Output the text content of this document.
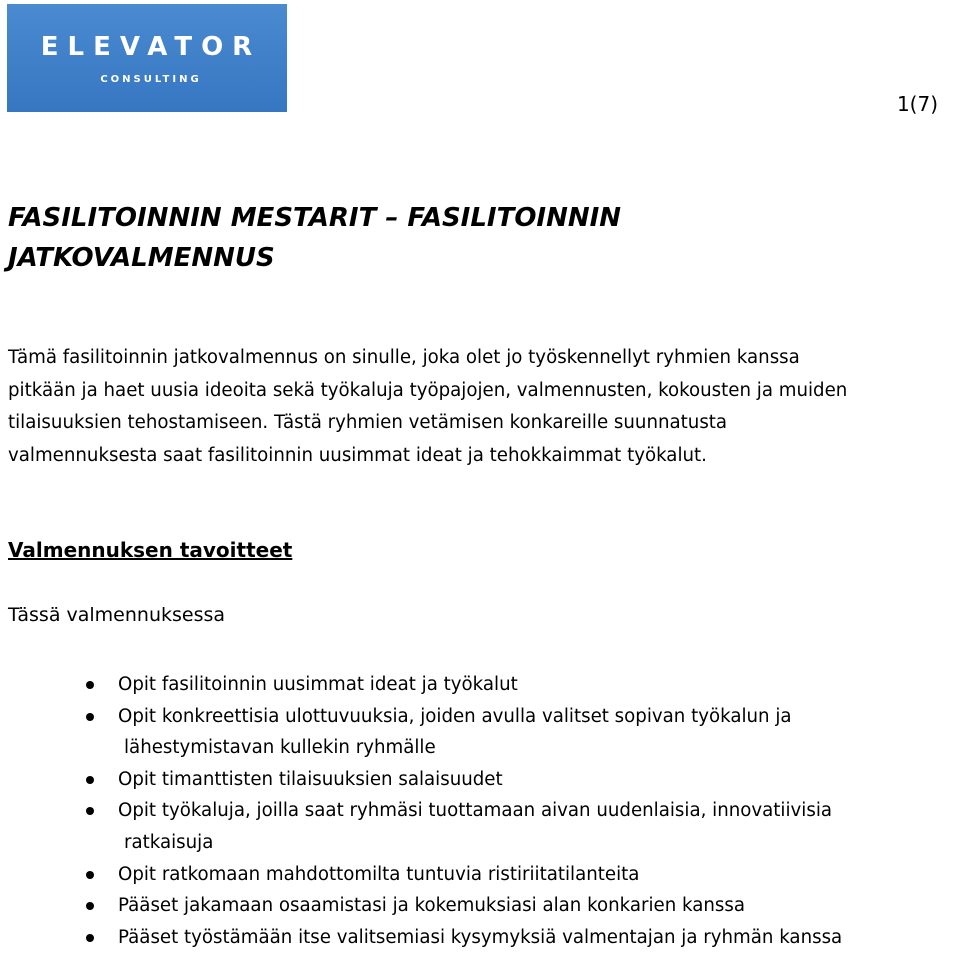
ELEVATOR
CONSULTING
1(7)
FASILITOINNIN MESTARIT – FASILITOINNIN
JATKOVALMENNUS

Tämä fasilitoinnin jatkovalmennus on sinulle, joka olet jo työskennellyt ryhmien kanssa
pitkään ja haet uusia ideoita sekä työkaluja työpajojen, valmennusten, kokousten ja muiden
tilaisuuksien tehostamiseen. Tästä ryhmien vetämisen konkareille suunnatusta
valmennuksesta saat fasilitoinnin uusimmat ideat ja tehokkaimmat työkalut.

Valmennuksen tavoitteet

Tässä valmennuksessa

Opit fasilitoinnin uusimmat ideat ja työkalut
Opit konkreettisia ulottuvuuksia, joiden avulla valitset sopivan työkalun ja
lähestymistavan kullekin ryhmälle
Opit timanttisten tilaisuuksien salaisuudet
Opit työkaluja, joilla saat ryhmäsi tuottamaan aivan uudenlaisia, innovatiivisia
ratkaisuja
Opit ratkomaan mahdottomilta tuntuvia ristiriitatilanteita
Pääset jakamaan osaamistasi ja kokemuksiasi alan konkarien kanssa
Pääset työstämään itse valitsemiasi kysymyksiä valmentajan ja ryhmän kanssa
